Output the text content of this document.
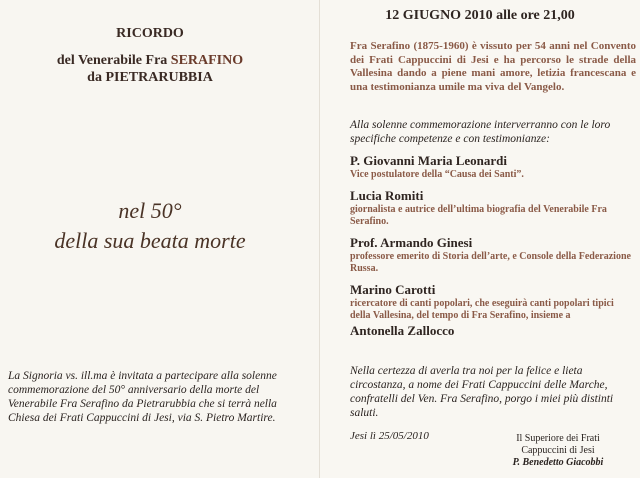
RICORDO
del Venerabile Fra SERAFINO
da PIETRARUBBIA
nel 50°
della sua beata morte
La Signoria vs. ill.ma è invitata a partecipare alla solenne commemorazione del 50° anniversario della morte del Venerabile Fra Serafino da Pietrarubbia che si terrà nella Chiesa dei Frati Cappuccini di Jesi, via S. Pietro Martire.
12 GIUGNO 2010 alle ore 21,00
Fra Serafino (1875-1960) è vissuto per 54 anni nel Convento dei Frati Cappuccini di Jesi e ha percorso le strade della Vallesina dando a piene mani amore, letizia francescana e una testimonianza umile ma viva del Vangelo.
Alla solenne commemorazione interverranno con le loro specifiche competenze e con testimonianze:
P. Giovanni Maria Leonardi
Vice postulatore della “Causa dei Santi”.
Lucia Romiti
giornalista e autrice dell’ultima biografia del Venerabile Fra Serafino.
Prof. Armando Ginesi
professore emerito di Storia dell’arte, e Console della Federazione Russa.
Marino Carotti
ricercatore di canti popolari, che eseguirà canti popolari tipici della Vallesina, del tempo di Fra Serafino, insieme a
Antonella Zallocco
Nella certezza di averla tra noi per la felice e lieta circostanza, a nome dei Frati Cappuccini delle Marche, confratelli del Ven. Fra Serafino, porgo i miei più distinti saluti.
Jesi lì 25/05/2010	Il Superiore dei Frati
Cappuccini di Jesi
P. Benedetto Giacobbi
